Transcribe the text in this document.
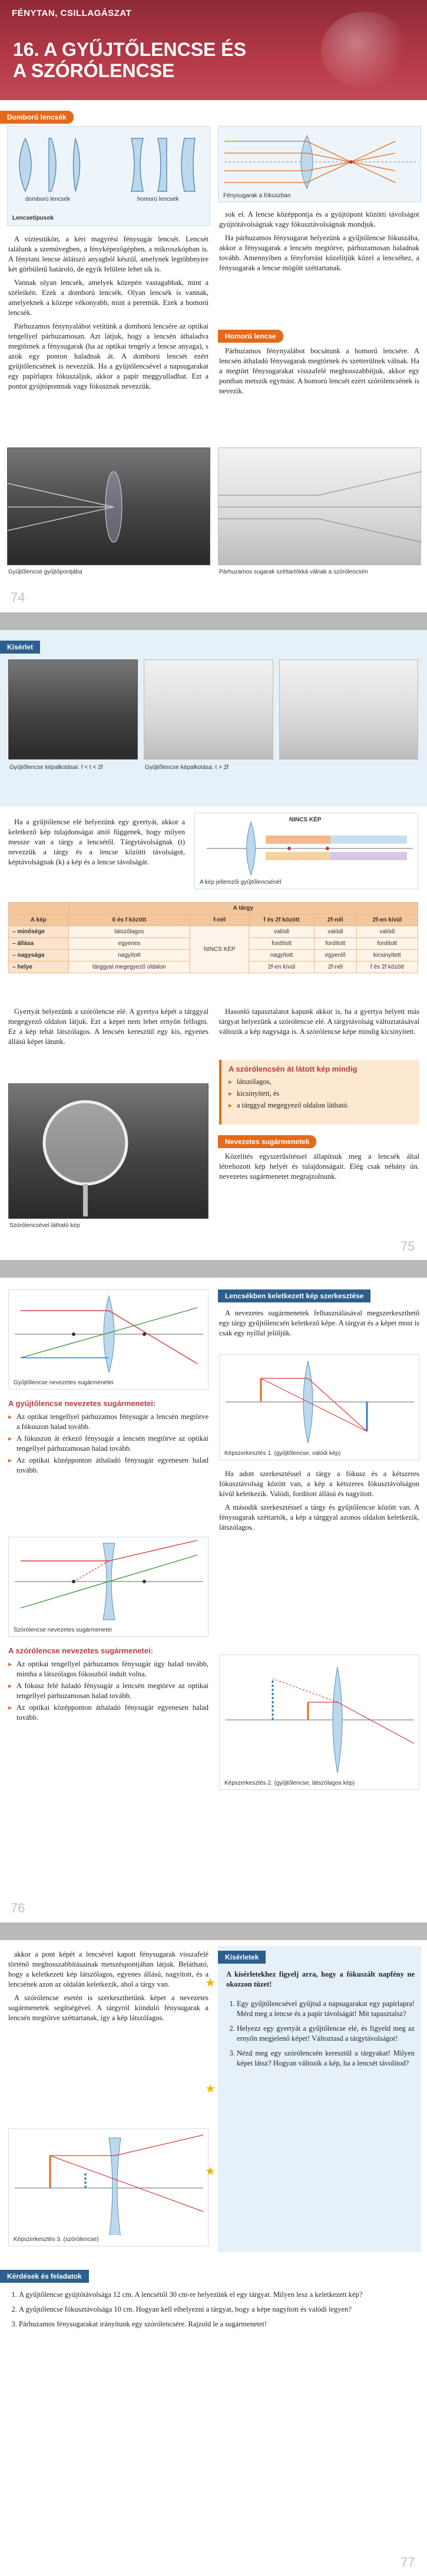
FÉNYTAN, CSILLAGÁSZAT
16. A GYŰJTŐLENCSE ÉS
A SZÓRÓLENCSE
Domború lencsék
domború lencsék	homorú lencsék
Lencsetípusok
Fénysugarak a fókuszban

A víztestükön, a kéri magyrési fénysugár lencsét. Lencsét találunk a szemüvegben, a fényképezőgépben, a mikroszkópban is. A fénytani lencse átlátszó anyagból készül, amelynek legtöbbnyire két görbületű határoló, de egyik felülete lehet sík is.

Vannak olyan lencsék, amelyek közepén vastagabbak, mint a széleikén. Ezek a domború lencsék. Olyan lencsék is vannak, amelyeknek a közepe vékonyabb, mint a peremük. Ezek a homorú lencsék.

Párhuzamos fénynyalábot vetítünk a domború lencsére az optikai tengellyel párhuzamosan. Azt látjuk, hogy a lencsén áthaladva megtörnek a fénysugarak (ha az optikai tengely a lencse anyaga), s azok egy ponton haladnak át. A domború lencsét ezért gyűjtőlencsének is nevezzük. Ha a gyűjtőlencsével a napsugarakat egy papírlapra fókuszáljuk, akkor a papír meggyulladhat. Ezt a pontot gyújtópontnak vagy fókusznak nevezzük.

sok el. A lencse középpontja és a gyújtópont közötti távolságot gyújtótávolságnak vagy fókusztávolságnak mondjuk.

Ha párhuzamos fénysugarat helyezünk a gyűjtőlencse fókuszába, akkor a fénysugarak a lencsén megtörve, párhuzamosan haladnak tovább. Amennyiben a fényforrást közelítjük közel a lencséhez, a fénysugarak a lencse mögött széttartanak.

Homorú lencse

Párhuzamos fénynyalábot bocsátunk a homorú lencsére. A lencsén áthaladó fénysugarak megtörnek és szétterülnek válnak. Ha a megtört fénysugarakat visszafelé meghosszabbítjuk, akkor egy pontban metszik egymást. A homorú lencsét ezért szórólencsének is nevezik.

Gyűjtőlencse gyűjtőpontjába	Párhuzamos sugarak széttartókká válnak a szórólencsén
74
Kísérlet
Gyűjtőlencse képalkotásai: f < t < 2f	Gyűjtőlencse képalkotása: t > 2f

Ha a gyűjtőlencse elé helyezünk egy gyertyát, akkor a keletkező kép tulajdonságai attól függenek, hogy milyen messze van a tárgy a lencsétől. Tárgytávolságnak (t) nevezzük a tárgy és a lencse közötti távolságot, képtávolságnak (k) a kép és a lencse távolságát.

NINCS KÉP
A kép jellemzői gyűjtőlencsénél
	A tárgy				
A kép	0 és f között	f-nél	f és 2f között	2f-nél	2f-en kívül
– minősége	látszólagos	NINCS KÉP	valódi	valódi	valódi
– állása	egyenes		fordított	fordított	fordított
– nagysága	nagyított		nagyított	egyenlő	kicsinyített
– helye	tárggyal megegyező oldalon		2f-en kívül	2f-nél	f és 2f között

Gyertyát helyezünk a szórólencse elé. A gyertya képét a tárggyal megegyező oldalon látjuk. Ezt a képet nem lehet ernyőn felfogni. Ez a kép tehát látszólagos. A lencsén keresztül egy kis, egyenes állású képet látunk.

Szórólencsével látható kép

Hasonló tapasztalatot kapunk akkor is, ha a gyertya helyett más tárgyat helyezünk a szórólencse elé. A tárgytávolság változtatásával változik a kép nagysága is. A szórólencse képe mindig kicsinyített.

A szórólencsén át látott kép mindig
▶ látszólagos,
▶ kicsinyített, és
▶ a tárggyal megegyező oldalon látható.
Nevezetes sugármenetek

Közelítés egyszerűsítéssel állapítsuk meg a lencsék által létrehozott kép helyét és tulajdonságait. Elég csak néhány ún. nevezetes sugármenetet megrajzolnunk.

75
Gyűjtőlencse nevezetes sugármenetei
A gyűjtőlencse nevezetes sugármenetei:
▶ Az optikai tengellyel párhuzamos fénysugár a lencsén megtörve a fókuszon halad tovább.
▶ A fókuszon át érkező fénysugár a lencsén megtörve az optikai tengellyel párhuzamosan halad tovább.
▶ Az optikai középponton áthaladó fénysugár egyenesen halad tovább.
Szórólencse nevezetes sugármenetei
A szórólencse nevezetes sugármenetei:
▶ Az optikai tengellyel párhuzamos fénysugár úgy halad tovább, mintha a látszólagos fókuszból indult volna.
▶ A fókusz felé haladó fénysugár a lencsén megtörve az optikai tengellyel párhuzamosan halad tovább.
▶ Az optikai középponton áthaladó fénysugár egyenesen halad tovább.
Lencsékben keletkezett kép szerkesztése

A nevezetes sugármenetek felhasználásával megszerkeszthető egy tárgy gyűjtőlencsén keletkező képe. A tárgyat és a képet most is csak egy nyíllal jelöljük.

Képszerkesztés 1. (gyűjtőlencse, valódi kép)

Ha adott szerkesztéssel a tárgy a fókusz és a kétszeres fókusztávolság között van, a kép a kétszeres fókusztávolságon kívül keletkezik. Valódi, fordított állású és nagyított.

A második szerkesztéssel a tárgy és gyűjtőlencse között van. A fénysugarak széttartók, a kép a tárggyal azonos oldalon keletkezik, látszólagos.

Képszerkesztés 2. (gyűjtőlencse, látszólagos kép)
76

akkor a pont képét a lencsével kapott fénysugarak visszafelé történő meghosszabbításainak metszéspontjában látjuk. Belátható, hogy a keletkezett kép látszólagos, egyenes állású, nagyított, és a lencsének azon az oldalán keletkezik, ahol a tárgy van.

A szórólencse esetén is szerkeszthetünk képet a nevezetes sugármenetek segítségével. A tárgyról kiinduló fénysugarak a lencsén megtörve széttartanak, így a kép látszólagos.

Képszerkesztés 3. (szórólencse)
Kísérletek
A kísérletekhez figyelj arra, hogy a fókuszált napfény ne okozzon tüzet!
★
1. Egy gyűjtőlencsével gyűjtsd a napsugarakat egy papírlapra! Mérd meg a lencse és a papír távolságát! Mit tapasztalsz?
2. Helyezz egy gyertyát a gyűjtőlencse elé, és figyeld meg az ernyőn megjelenő képet! Változtasd a tárgytávolságot!
3. Nézd meg egy szórólencsén keresztül a tárgyakat! Milyen képet látsz? Hogyan változik a kép, ha a lencsét távolítod?
★
★
Kérdések és feladatok
1. A gyűjtőlencse gyújtótávolsága 12 cm. A lencsétől 30 cm-re helyezünk el egy tárgyat. Milyen lesz a keletkezett kép?
2. A gyűjtőlencse fókusztávolsága 10 cm. Hogyan kell elhelyezni a tárgyat, hogy a képe nagyított és valódi legyen?
3. Párhuzamos fénysugarakat irányítunk egy szórólencsére. Rajzold le a sugármenetet!
77
